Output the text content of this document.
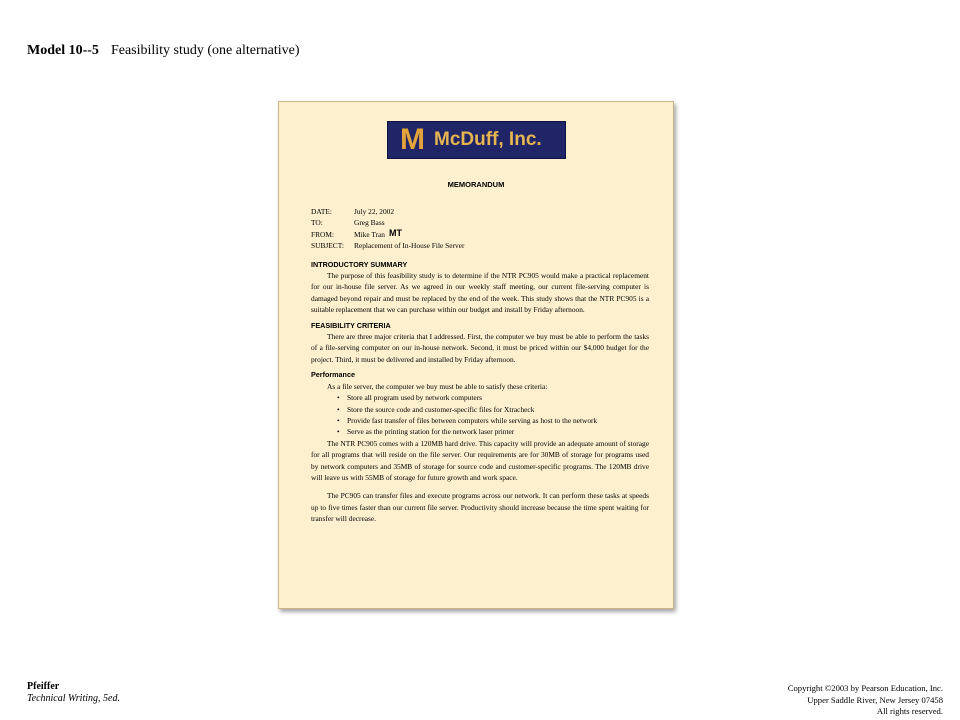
Model 10--5 Feasibility study (one alternative)
M McDuff, Inc.
MEMORANDUM
DATE:	July 22, 2002
TO:	Greg Bass
FROM:	Mike Tran MT
SUBJECT:	Replacement of In-House File Server
INTRODUCTORY SUMMARY
The purpose of this feasibility study is to determine if the NTR PC905 would make a practical replacement for our in-house file server. As we agreed in our weekly staff meeting, our current file-serving computer is damaged beyond repair and must be replaced by the end of the week. This study shows that the NTR PC905 is a suitable replacement that we can purchase within our budget and install by Friday afternoon.
FEASIBILITY CRITERIA
There are three major criteria that I addressed. First, the computer we buy must be able to perform the tasks of a file-serving computer on our in-house network. Second, it must be priced within our $4,000 budget for the project. Third, it must be delivered and installed by Friday afternoon.
Performance
As a file server, the computer we buy must be able to satisfy these criteria:
• Store all program used by network computers
• Store the source code and customer-specific files for Xtracheck
• Provide fast transfer of files between computers while serving as host to the network
• Serve as the printing station for the network laser printer
The NTR PC905 comes with a 120MB hard drive. This capacity will provide an adequate amount of storage for all programs that will reside on the file server. Our requirements are for 30MB of storage for programs used by network computers and 35MB of storage for source code and customer-specific programs. The 120MB drive will leave us with 55MB of storage for future growth and work space.
The PC905 can transfer files and execute programs across our network. It can perform these tasks at speeds up to five times faster than our current file server. Productivity should increase because the time spent waiting for transfer will decrease.
Pfeiffer
Technical Writing, 5ed.
Copyright ©2003 by Pearson Education, Inc.
Upper Saddle River, New Jersey 07458
All rights reserved.
